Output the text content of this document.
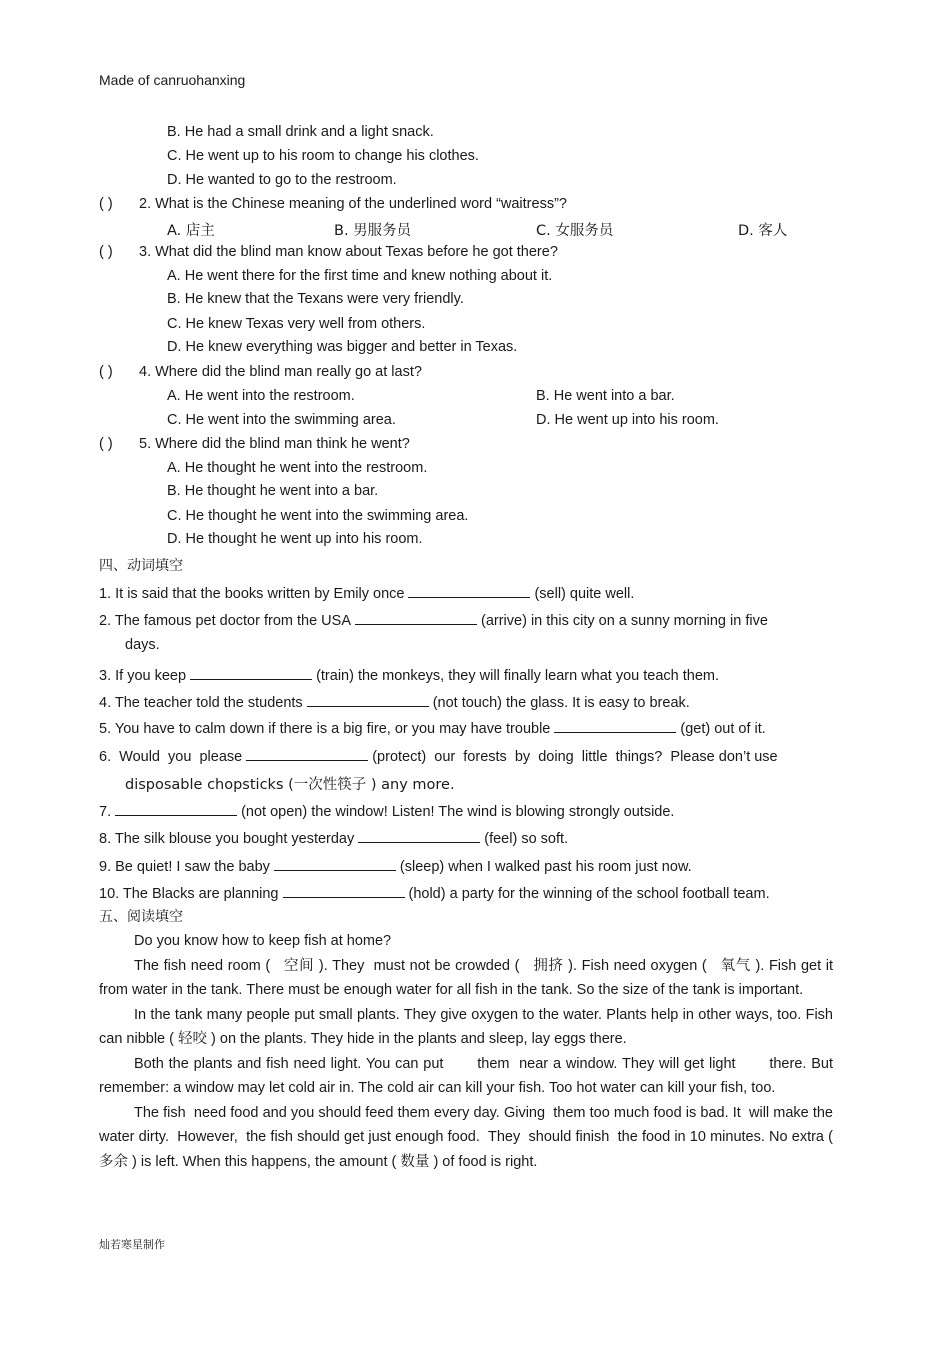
Made of canruohanxing
B. He had a small drink and a light snack.
C. He went up to his room to change his clothes.
D. He wanted to go to the restroom.
( ) 2. What is the Chinese meaning of the underlined word “waitress”?
A. 店主	B. 男服务员	C. 女服务员	D. 客人
( ) 3. What did the blind man know about Texas before he got there?
A. He went there for the first time and knew nothing about it.
B. He knew that the Texans were very friendly.
C. He knew Texas very well from others.
D. He knew everything was bigger and better in Texas.
( ) 4. Where did the blind man really go at last?
A. He went into the restroom.	B. He went into a bar.
C. He went into the swimming area.	D. He went up into his room.
( ) 5. Where did the blind man think he went?
A. He thought he went into the restroom.
B. He thought he went into a bar.
C. He thought he went into the swimming area.
D. He thought he went up into his room.
四、动词填空
1. It is said that the books written by Emily once	(sell) quite well.
2. The famous pet doctor from the USA	(arrive) in this city on a sunny morning in five
days.
3. If you keep	(train) the monkeys, they will finally learn what you teach them.
4. The teacher told the students	(not touch) the glass. It is easy to break.
5. You have to calm down if there is a big fire, or you may have trouble	(get) out of it.
6.  Would  you  please	(protect)  our  forests  by  doing  little  things?  Please don’t use
disposable chopsticks (一次性筷子 ) any more.
7.	(not open) the window! Listen! The wind is blowing strongly outside.
8. The silk blouse you bought yesterday	(feel) so soft.
9. Be quiet! I saw the baby	(sleep) when I walked past his room just now.
10. The Blacks are planning	(hold) a party for the winning of the school football team.
五、阅读填空

Do you know how to keep fish at home?

The fish need room (   空间 ). They  must not be crowded (   拥挤 ). Fish need oxygen (   氧气 ). Fish get it from water in the tank. There must be enough water for all fish in the tank. So the size of the tank is important.

In the tank many people put small plants. They give oxygen to the water. Plants help in other ways, too. Fish can nibble ( 轻咬 ) on the plants. They hide in the plants and sleep, lay eggs there.

Both the plants and fish need light. You can put       them  near a window. They will get light       there. But remember: a window may let cold air in. The cold air can kill your fish. Too hot water can kill your fish, too.

The fish  need food and you should feed them every day. Giving  them too much food is bad. It  will make the water dirty.  However,  the fish should get just enough food.  They  should finish  the food in 10 minutes. No extra ( 多余 ) is left. When this happens, the amount ( 数量 ) of food is right.

灿若寒星制作
